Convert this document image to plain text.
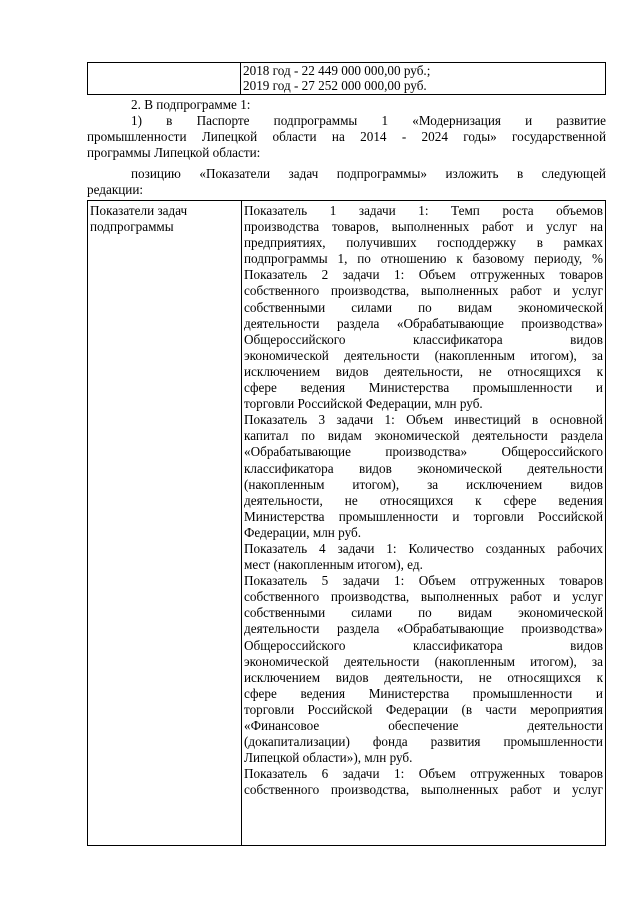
2018 год - 22 449 000 000,00 руб.;
2019 год - 27 252 000 000,00 руб.
2. В подпрограмме 1:
1) в Паспорте подпрограммы 1 «Модернизация и развитие
промышленности Липецкой области на 2014 - 2024 годы» государственной
программы Липецкой области:
позицию «Показатели задач подпрограммы» изложить в следующей
редакции:
Показатели задач
подпрограммы
Показатель 1 задачи 1: Темп роста объемов
производства товаров, выполненных работ и услуг на
предприятиях, получивших господдержку в рамках
подпрограммы 1, по отношению к базовому периоду, %
Показатель 2 задачи 1: Объем отгруженных товаров
собственного производства, выполненных работ и услуг
собственными силами по видам экономической
деятельности раздела «Обрабатывающие производства»
Общероссийского классификатора видов
экономической деятельности (накопленным итогом), за
исключением видов деятельности, не относящихся к
сфере ведения Министерства промышленности и
торговли Российской Федерации, млн руб.
Показатель 3 задачи 1: Объем инвестиций в основной
капитал по видам экономической деятельности раздела
«Обрабатывающие производства» Общероссийского
классификатора видов экономической деятельности
(накопленным итогом), за исключением видов
деятельности, не относящихся к сфере ведения
Министерства промышленности и торговли Российской
Федерации, млн руб.
Показатель 4 задачи 1: Количество созданных рабочих
мест (накопленным итогом), ед.
Показатель 5 задачи 1: Объем отгруженных товаров
собственного производства, выполненных работ и услуг
собственными силами по видам экономической
деятельности раздела «Обрабатывающие производства»
Общероссийского классификатора видов
экономической деятельности (накопленным итогом), за
исключением видов деятельности, не относящихся к
сфере ведения Министерства промышленности и
торговли Российской Федерации (в части мероприятия
«Финансовое обеспечение деятельности
(докапитализации) фонда развития промышленности
Липецкой области»), млн руб.
Показатель 6 задачи 1: Объем отгруженных товаров
собственного производства, выполненных работ и услуг
